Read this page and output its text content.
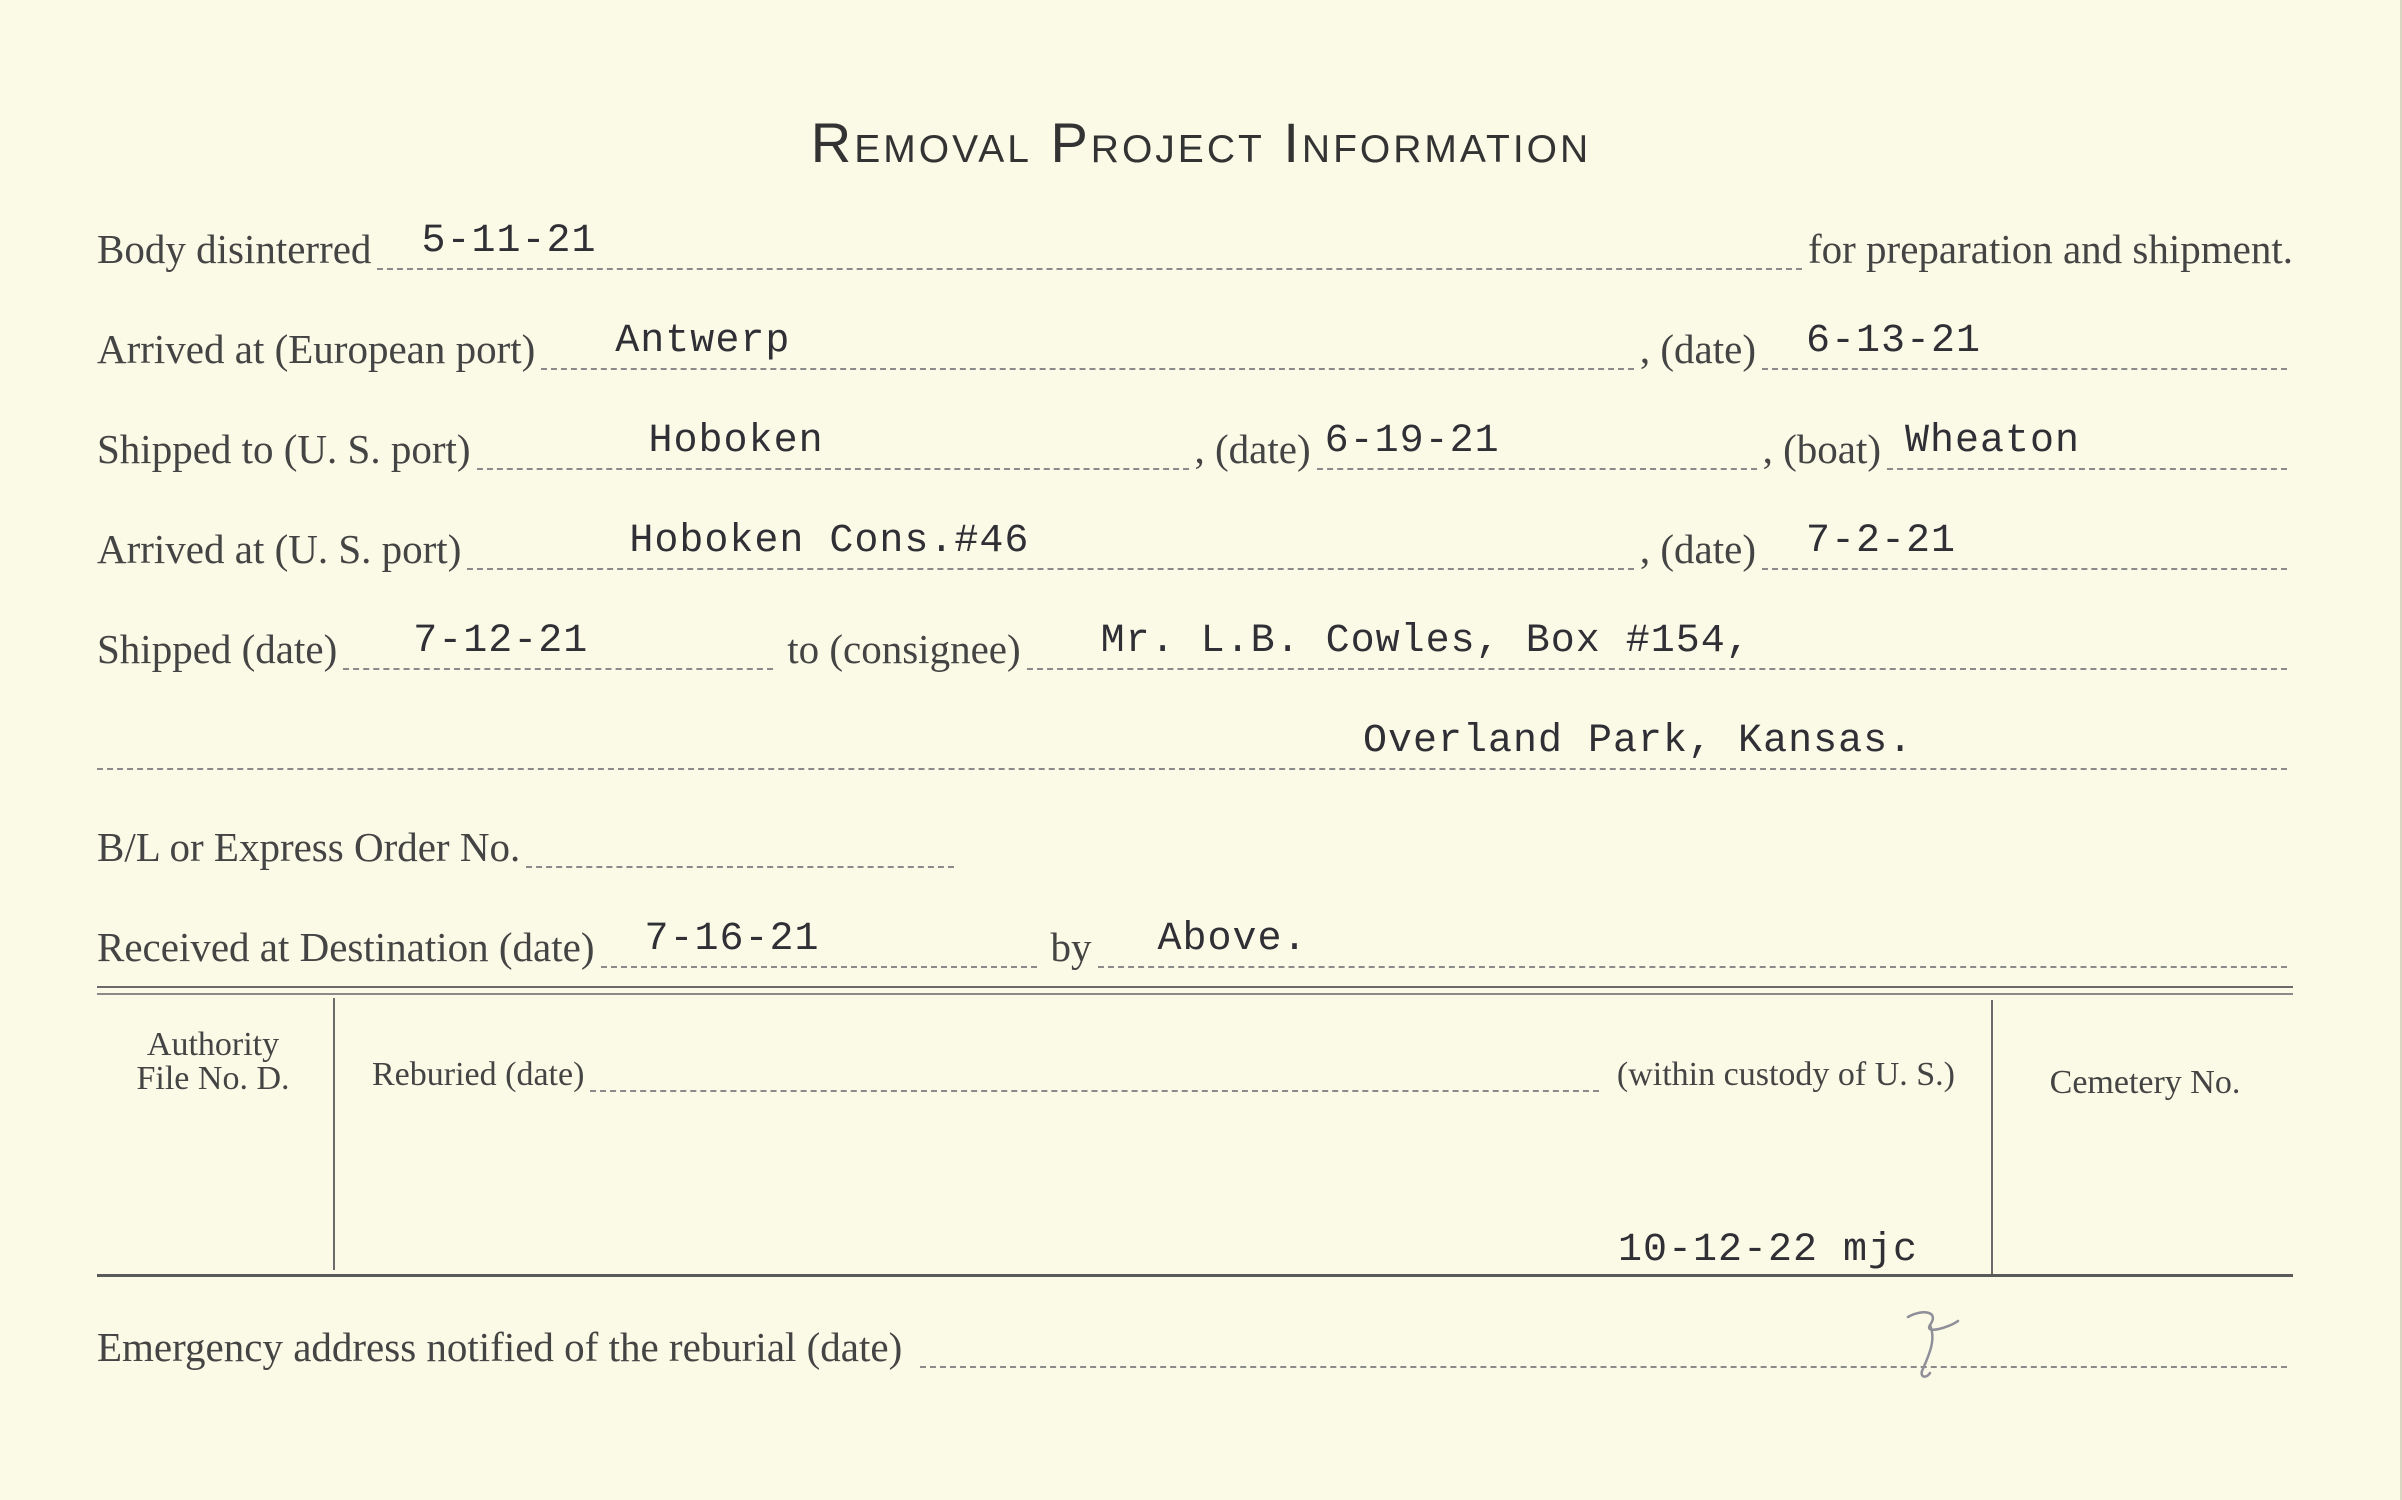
Removal Project Information
Body disinterred 5-11-21	for preparation and shipment.
Arrived at (European port) Antwerp	, (date) 6-13-21
Shipped to (U. S. port)	Hoboken	, (date) 6-19-21	, (boat) Wheaton
Arrived at (U. S. port)	Hoboken Cons.#46	, (date) 7-2-21
Shipped (date) 7-12-21	to (consignee) Mr. L.B. Cowles, Box #154,
Overland Park, Kansas.
B/L or Express Order No.
Received at Destination (date) 7-16-21	by Above.
Authority
File No. D.	Reburied (date)	(within custody of U. S.)	Cemetery No.
10-12-22 mjc
Emergency address notified of the reburial (date)
